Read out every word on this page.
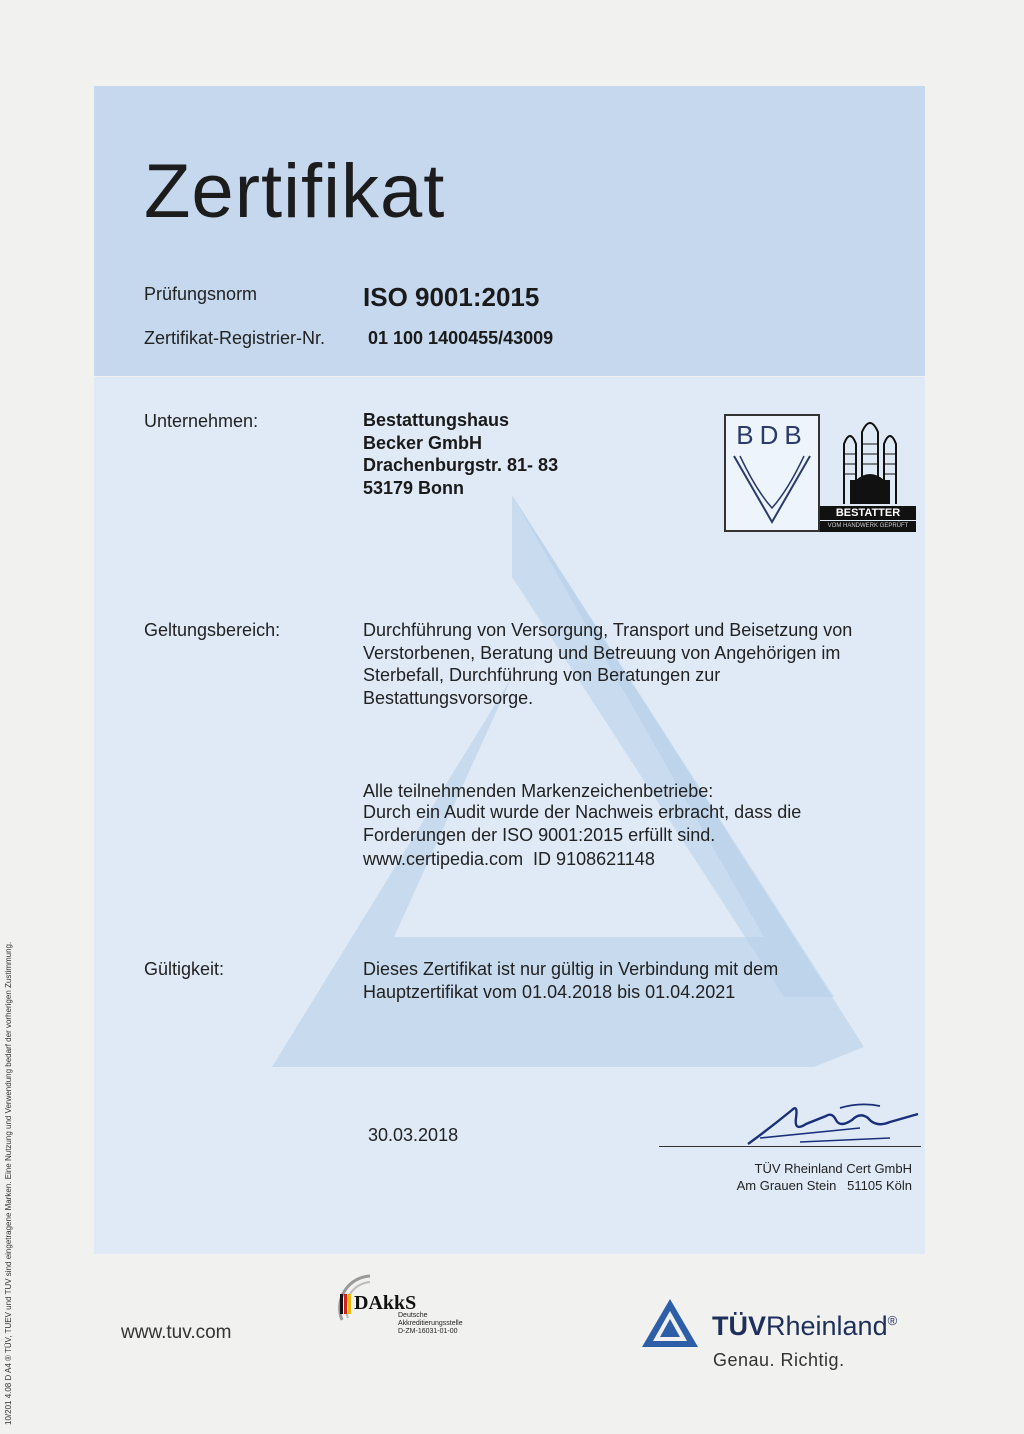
Zertifikat
Prüfungsnorm	ISO 9001:2015
Zertifikat-Registrier-Nr. 01 100 1400455/43009
Unternehmen:	Bestattungshaus
Becker GmbH
Drachenburgstr. 81- 83
53179 Bonn
BDB
BESTATTER
VOM HANDWERK GEPRÜFT
Geltungsbereich:	Durchführung von Versorgung, Transport und Beisetzung von
Verstorbenen, Beratung und Betreuung von Angehörigen im
Sterbefall, Durchführung von Beratungen zur
Bestattungsvorsorge.

Alle teilnehmenden Markenzeichenbetriebe:

www.certipedia.com  ID 9108621148

Durch ein Audit wurde der Nachweis erbracht, dass die
Forderungen der ISO 9001:2015 erfüllt sind.
Gültigkeit:	Dieses Zertifikat ist nur gültig in Verbindung mit dem
Hauptzertifikat vom 01.04.2018 bis 01.04.2021
30.03.2018
TÜV Rheinland Cert GmbH
Am Grauen Stein   51105 Köln
www.tuv.com
DAkkS
Deutsche
Akkreditierungsstelle
D-ZM-16031-01-00	TÜVRheinland®
Genau. Richtig.
10/201 4.08 D A4 ® TÜV, TUEV und TUV sind eingetragene Marken. Eine Nutzung und Verwendung bedarf der vorherigen Zustimmung.
